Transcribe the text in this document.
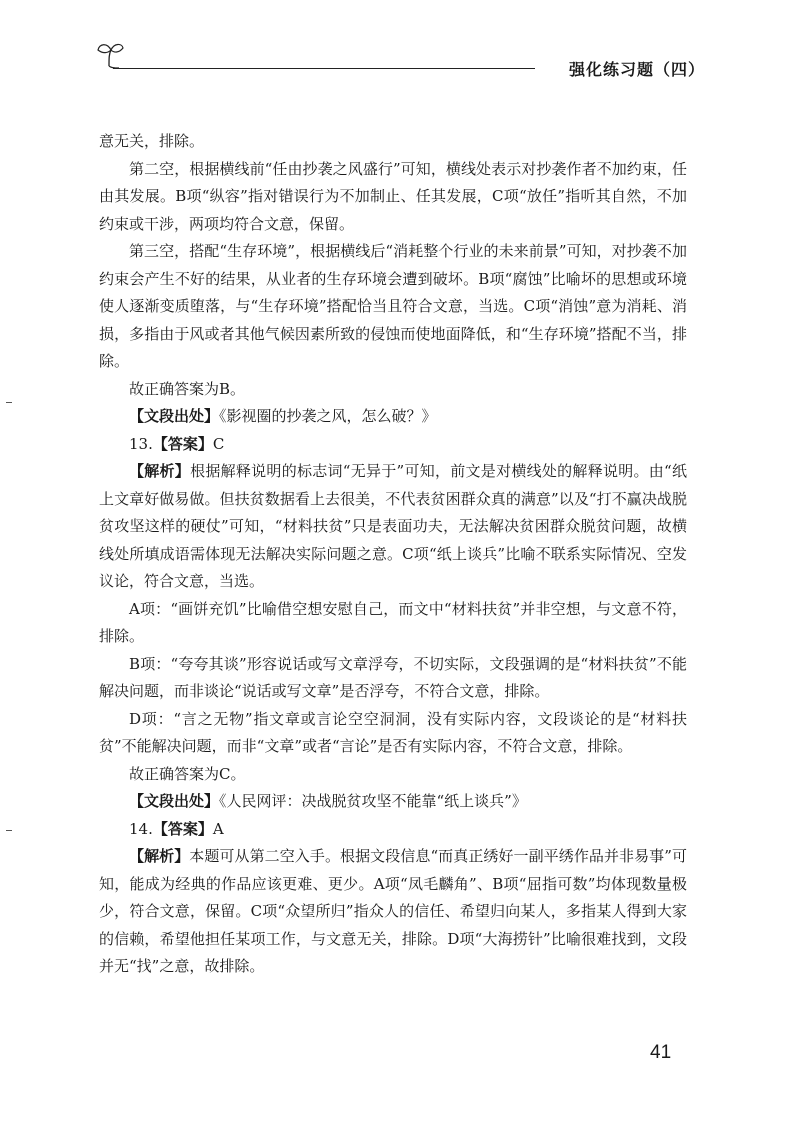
强化练习题（四）

意无关，排除。

第二空，根据横线前“任由抄袭之风盛行”可知，横线处表示对抄袭作者不加约束，任由其发展。B项“纵容”指对错误行为不加制止、任其发展，C项“放任”指听其自然，不加约束或干涉，两项均符合文意，保留。

第三空，搭配“生存环境”，根据横线后“消耗整个行业的未来前景”可知，对抄袭不加约束会产生不好的结果，从业者的生存环境会遭到破坏。B项“腐蚀”比喻坏的思想或环境使人逐渐变质堕落，与“生存环境”搭配恰当且符合文意，当选。C项“消蚀”意为消耗、消损，多指由于风或者其他气候因素所致的侵蚀而使地面降低，和“生存环境”搭配不当，排除。

故正确答案为B。

【文段出处】《影视圈的抄袭之风，怎么破？》

13.【答案】C

【解析】根据解释说明的标志词“无异于”可知，前文是对横线处的解释说明。由“纸上文章好做易做。但扶贫数据看上去很美，不代表贫困群众真的满意”以及“打不赢决战脱贫攻坚这样的硬仗”可知，“材料扶贫”只是表面功夫，无法解决贫困群众脱贫问题，故横线处所填成语需体现无法解决实际问题之意。C项“纸上谈兵”比喻不联系实际情况、空发议论，符合文意，当选。

A项：“画饼充饥”比喻借空想安慰自己，而文中“材料扶贫”并非空想，与文意不符，排除。

B项：“夸夸其谈”形容说话或写文章浮夸，不切实际，文段强调的是“材料扶贫”不能解决问题，而非谈论“说话或写文章”是否浮夸，不符合文意，排除。

D项：“言之无物”指文章或言论空空洞洞，没有实际内容，文段谈论的是“材料扶贫”不能解决问题，而非“文章”或者“言论”是否有实际内容，不符合文意，排除。

故正确答案为C。

【文段出处】《人民网评：决战脱贫攻坚不能靠“纸上谈兵”》

14.【答案】A

【解析】本题可从第二空入手。根据文段信息“而真正绣好一副平绣作品并非易事”可知，能成为经典的作品应该更难、更少。A项“凤毛麟角”、B项“屈指可数”均体现数量极少，符合文意，保留。C项“众望所归”指众人的信任、希望归向某人，多指某人得到大家的信赖，希望他担任某项工作，与文意无关，排除。D项“大海捞针”比喻很难找到，文段并无“找”之意，故排除。

41
